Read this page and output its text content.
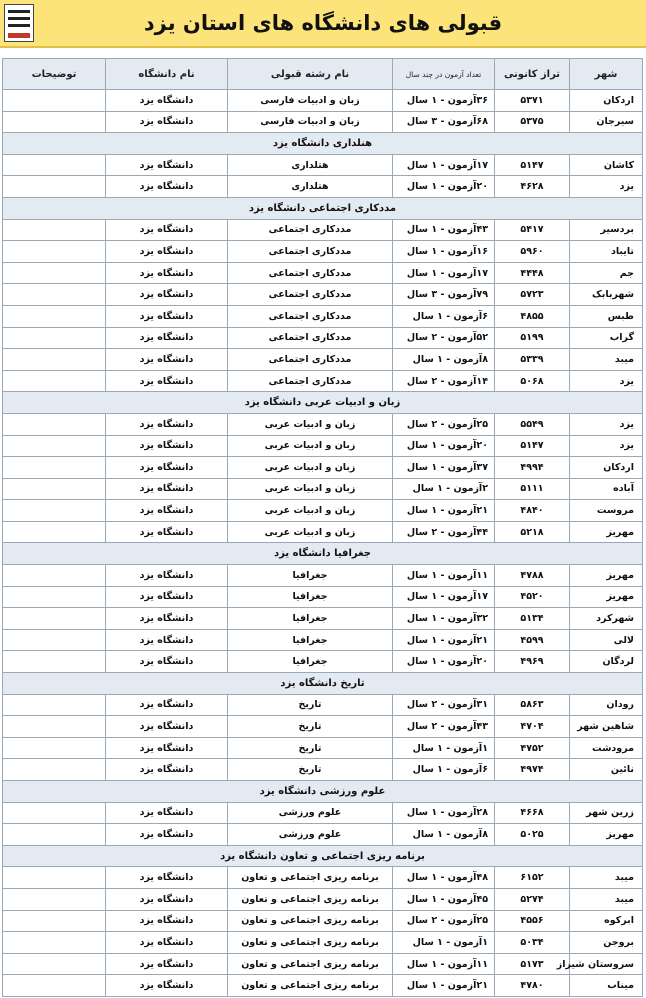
قبولی های دانشگاه های استان یزد
شهر	تراز کانونی	تعداد آزمون در چند سال	نام رشته قبولی	نام دانشگاه	توضیحات
اردکان	۵۳۷۱	۳۶آزمون - ۱ سال	زبان و ادبیات فارسی	دانشگاه یزد	
سیرجان	۵۳۷۵	۶۸آزمون - ۳ سال	زبان و ادبیات فارسی	دانشگاه یزد	
هنلداری دانشگاه یزد					
کاشان	۵۱۴۷	۱۷آزمون - ۱ سال	هتلداری	دانشگاه یزد	
یزد	۴۶۲۸	۲۰آزمون - ۱ سال	هتلداری	دانشگاه یزد	
مددکاری اجتماعی دانشگاه یزد					
بردسیر	۵۴۱۷	۴۳آزمون - ۱ سال	مددکاری اجتماعی	دانشگاه یزد	
تایباد	۵۹۶۰	۱۶آزمون - ۱ سال	مددکاری اجتماعی	دانشگاه یزد	
جم	۴۴۴۸	۱۷آزمون - ۱ سال	مددکاری اجتماعی	دانشگاه یزد	
شهربابک	۵۷۲۳	۷۹آزمون - ۳ سال	مددکاری اجتماعی	دانشگاه یزد	
طبس	۴۸۵۵	۶آزمون - ۱ سال	مددکاری اجتماعی	دانشگاه یزد	
گراب	۵۱۹۹	۵۲آزمون - ۲ سال	مددکاری اجتماعی	دانشگاه یزد	
میبد	۵۳۳۹	۸آزمون - ۱ سال	مددکاری اجتماعی	دانشگاه یزد	
یزد	۵۰۶۸	۱۴آزمون - ۲ سال	مددکاری اجتماعی	دانشگاه یزد	
زبان و ادبیات عربی دانشگاه یزد					
یزد	۵۵۴۹	۲۵آزمون - ۲ سال	زبان و ادبیات عربی	دانشگاه یزد	
یزد	۵۱۴۷	۲۰آزمون - ۱ سال	زبان و ادبیات عربی	دانشگاه یزد	
اردکان	۴۹۹۴	۳۷آزمون - ۱ سال	زبان و ادبیات عربی	دانشگاه یزد	
آباده	۵۱۱۱	۲آزمون - ۱ سال	زبان و ادبیات عربی	دانشگاه یزد	
مروست	۴۸۴۰	۲۱آزمون - ۱ سال	زبان و ادبیات عربی	دانشگاه یزد	
مهریز	۵۲۱۸	۴۴آزمون - ۲ سال	زبان و ادبیات عربی	دانشگاه یزد	
جغرافیا دانشگاه یزد					
مهریز	۴۷۸۸	۱۱آزمون - ۱ سال	جغرافیا	دانشگاه یزد	
مهریز	۴۵۲۰	۱۷آزمون - ۱ سال	جغرافیا	دانشگاه یزد	
شهرکرد	۵۱۳۴	۳۲آزمون - ۱ سال	جغرافیا	دانشگاه یزد	
لالی	۴۵۹۹	۲۱آزمون - ۱ سال	جغرافیا	دانشگاه یزد	
لردگان	۴۹۶۹	۲۰آزمون - ۱ سال	جغرافیا	دانشگاه یزد	
تاریخ دانشگاه یزد					
رودان	۵۸۶۳	۳۱آزمون - ۲ سال	تاریخ	دانشگاه یزد	
شاهین شهر	۴۷۰۴	۴۳آزمون - ۲ سال	تاریخ	دانشگاه یزد	
مرودشت	۴۷۵۲	۱آزمون - ۱ سال	تاریخ	دانشگاه یزد	
نائین	۴۹۷۴	۶آزمون - ۱ سال	تاریخ	دانشگاه یزد	
علوم ورزشی دانشگاه یزد					
زرین شهر	۴۶۶۸	۲۸آزمون - ۱ سال	علوم ورزشی	دانشگاه یزد	
مهریز	۵۰۲۵	۸آزمون - ۱ سال	علوم ورزشی	دانشگاه یزد	
برنامه ریزی اجتماعی و تعاون دانشگاه یزد					
میبد	۶۱۵۲	۴۸آزمون - ۱ سال	برنامه ریزی اجتماعی و تعاون	دانشگاه یزد	
میبد	۵۲۷۴	۴۵آزمون - ۱ سال	برنامه ریزی اجتماعی و تعاون	دانشگاه یزد	
ابرکوه	۴۵۵۶	۲۵آزمون - ۲ سال	برنامه ریزی اجتماعی و تعاون	دانشگاه یزد	
بروجن	۵۰۳۴	۱آزمون - ۱ سال	برنامه ریزی اجتماعی و تعاون	دانشگاه یزد	
سروستان شیراز	۵۱۷۳	۱۱آزمون - ۱ سال	برنامه ریزی اجتماعی و تعاون	دانشگاه یزد	
میناب	۴۷۸۰	۲۱آزمون - ۱ سال	برنامه ریزی اجتماعی و تعاون	دانشگاه یزد	
